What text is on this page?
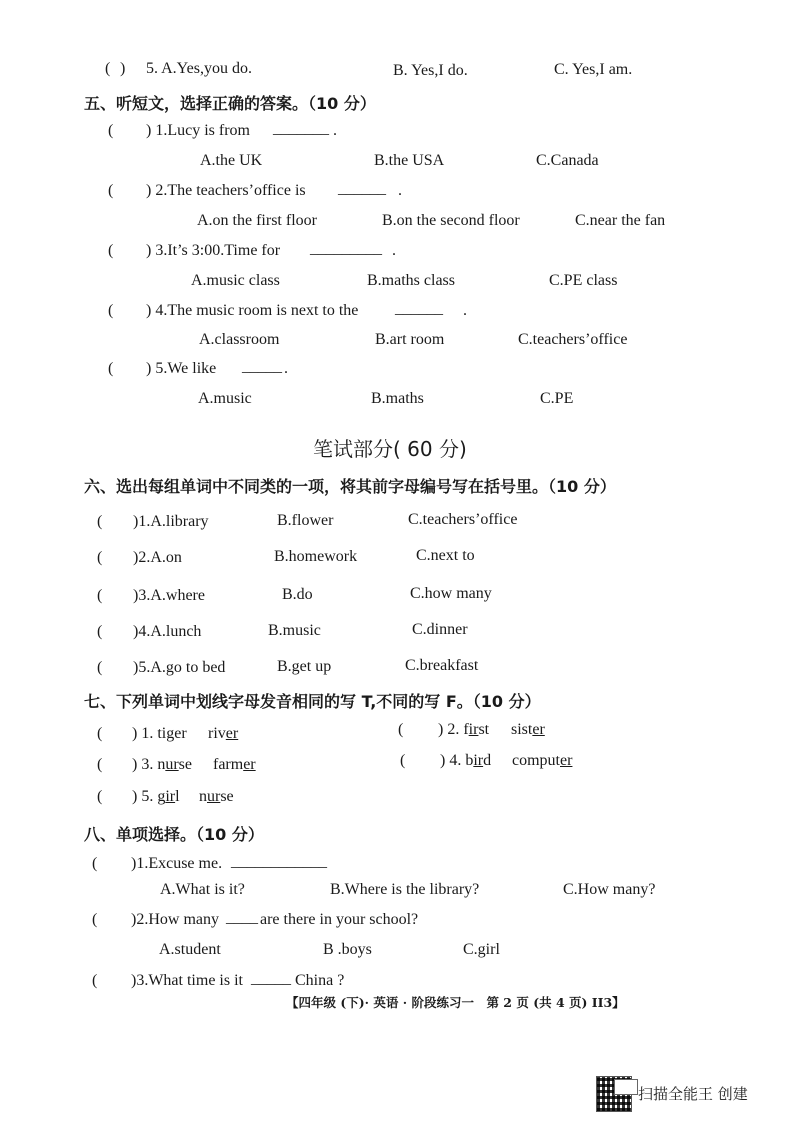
( 5. A.Yes,you do.
)	B. Yes,I do.	C. Yes,I am.
五、听短文，选择正确的答案。（10 分）
( ) 1.Lucy is from _______ .
A.the UK	B.the USA	C.Canada
( ) 2.The teachers’office is ______ .
A.on the first floor	B.on the second floor	C.near the fan
( ) 3.It’s 3:00.Time for _________ .
A.music class	B.maths class	C.PE class
( ) 4.The music room is next to the ______ .
A.classroom	B.art room	C.teachers’office
( ) 5.We like _____ .
A.music	B.maths	C.PE
笔试部分( 60 分)
六、选出每组单词中不同类的一项，将其前字母编号写在括号里。（10 分）
( )1.A.library	B.flower	C.teachers’office
( )2.A.on	B.homework	C.next to
( )3.A.where	B.do	C.how many
( )4.A.lunch	B.music	C.dinner
( )5.A.go to bed	B.get up	C.breakfast
七、下列单词中划线字母发音相同的写 T,不同的写 F。（10 分）
( ) 1. tiger river	( ) 2. first sister
( ) 3. nurse farmer	( ) 4. bird computer
( ) 5. girl nurse
八、单项选择。（10 分）
( )1.Excuse me. ____________
A.What is it?	B.Where is the library?	C.How many?
( )2.How many ____ are there in your school?
A.student	B .boys	C.girl
( )3.What time is it _____ China ?
【四年级 (下)· 英语 · 阶段练习一　第 2 页 (共 4 页) II3】
扫描全能王 创建
